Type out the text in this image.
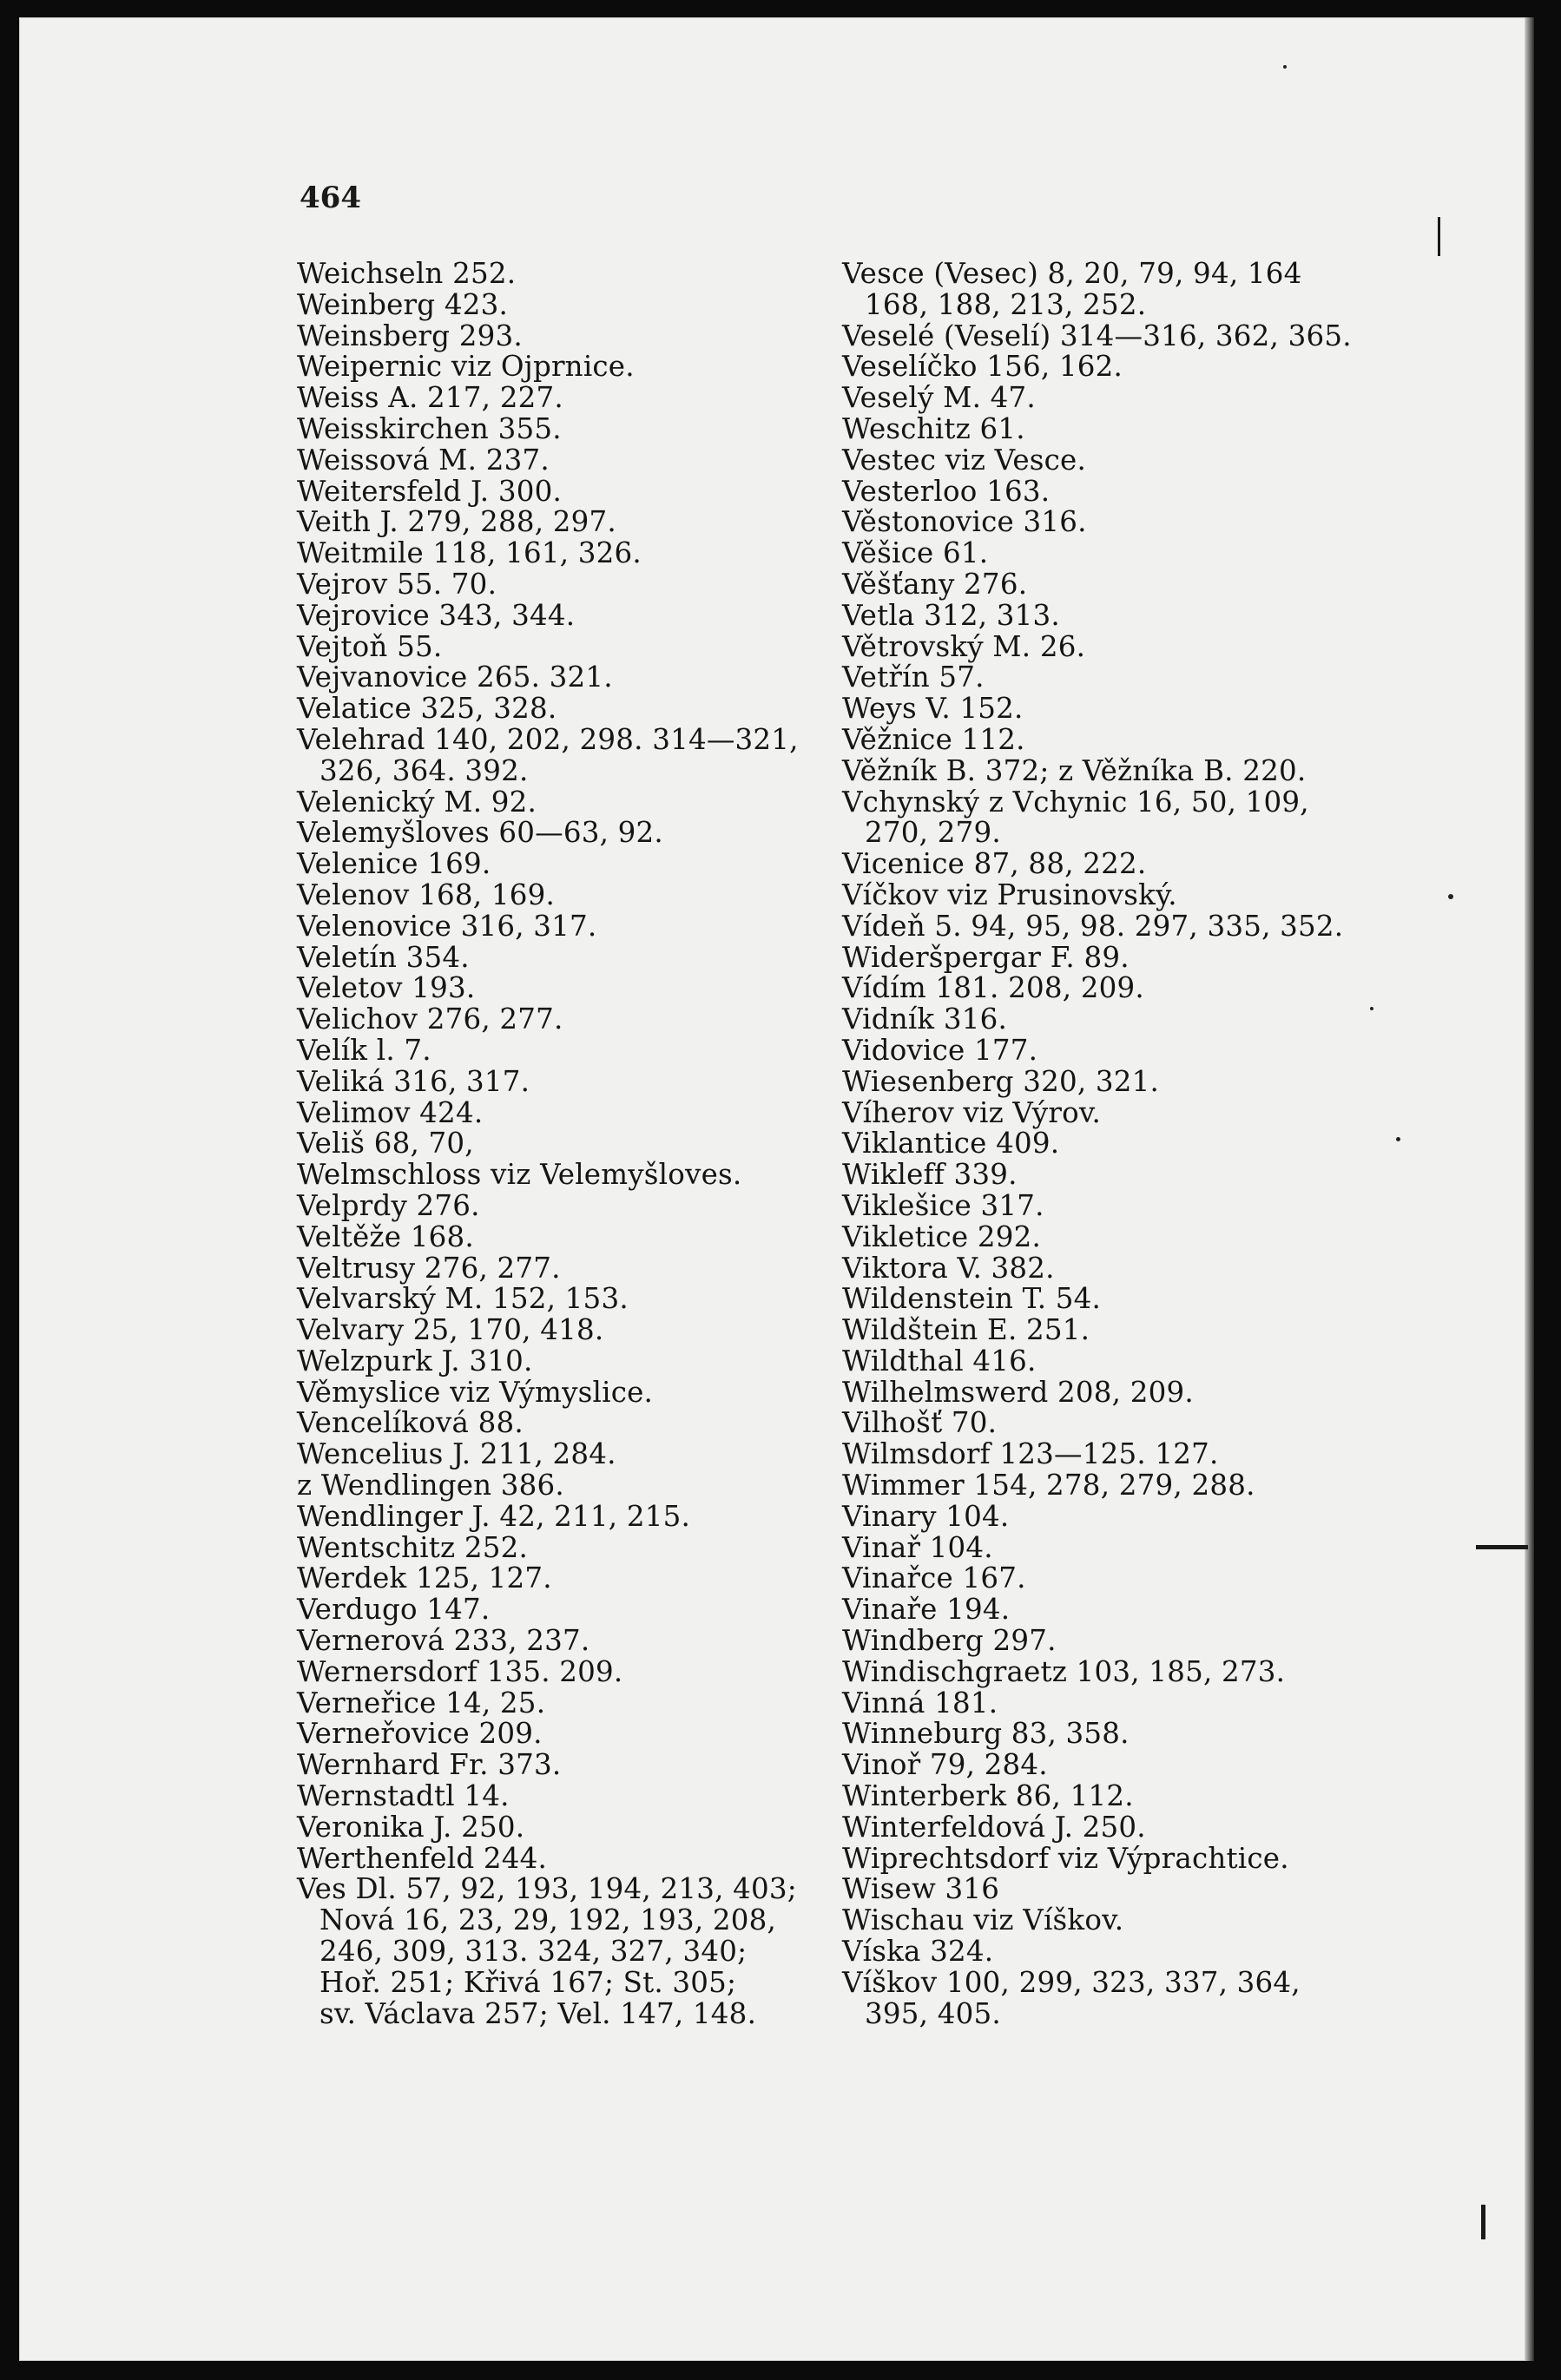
464

Weichseln 252.

Weinberg 423.

Weinsberg 293.

Weipernic viz Ojprnice.

Weiss A. 217, 227.

Weisskirchen 355.

Weissová M. 237.

Weitersfeld J. 300.

Veith J. 279, 288, 297.

Weitmile 118, 161, 326.

Vejrov 55. 70.

Vejrovice 343, 344.

Vejtoň 55.

Vejvanovice 265. 321.

Velatice 325, 328.

Velehrad 140, 202, 298. 314—321,
326, 364. 392.

Velenický M. 92.

Velemyšloves 60—63, 92.

Velenice 169.

Velenov 168, 169.

Velenovice 316, 317.

Veletín 354.

Veletov 193.

Velichov 276, 277.

Velík l. 7.

Veliká 316, 317.

Velimov 424.

Veliš 68, 70,

Welmschloss viz Velemyšloves.

Velprdy 276.

Veltěže 168.

Veltrusy 276, 277.

Velvarský M. 152, 153.

Velvary 25, 170, 418.

Welzpurk J. 310.

Věmyslice viz Výmyslice.

Vencelíková 88.

Wencelius J. 211, 284.

z Wendlingen 386.

Wendlinger J. 42, 211, 215.

Wentschitz 252.

Werdek 125, 127.

Verdugo 147.

Vernerová 233, 237.

Wernersdorf 135. 209.

Verneřice 14, 25.

Verneřovice 209.

Wernhard Fr. 373.

Wernstadtl 14.

Veronika J. 250.

Werthenfeld 244.

Ves Dl. 57, 92, 193, 194, 213, 403;
Nová 16, 23, 29, 192, 193, 208,
246, 309, 313. 324, 327, 340;
Hoř. 251; Křivá 167; St. 305;
sv. Václava 257; Vel. 147, 148.

Vesce (Vesec) 8, 20, 79, 94, 164
168, 188, 213, 252.

Veselé (Veselí) 314—316, 362, 365.

Veselíčko 156, 162.

Veselý M. 47.

Weschitz 61.

Vestec viz Vesce.

Vesterloo 163.

Věstonovice 316.

Věšice 61.

Věšťany 276.

Vetla 312, 313.

Větrovský M. 26.

Vetřín 57.

Weys V. 152.

Věžnice 112.

Věžník B. 372; z Věžníka B. 220.

Vchynský z Vchynic 16, 50, 109,
270, 279.

Vicenice 87, 88, 222.

Víčkov viz Prusinovský.

Vídeň 5. 94, 95, 98. 297, 335, 352.

Wideršpergar F. 89.

Vídím 181. 208, 209.

Vidník 316.

Vidovice 177.

Wiesenberg 320, 321.

Víherov viz Výrov.

Viklantice 409.

Wikleff 339.

Viklešice 317.

Vikletice 292.

Viktora V. 382.

Wildenstein T. 54.

Wildštein E. 251.

Wildthal 416.

Wilhelmswerd 208, 209.

Vilhošť 70.

Wilmsdorf 123—125. 127.

Wimmer 154, 278, 279, 288.

Vinary 104.

Vinař 104.

Vinařce 167.

Vinaře 194.

Windberg 297.

Windischgraetz 103, 185, 273.

Vinná 181.

Winneburg 83, 358.

Vinoř 79, 284.

Winterberk 86, 112.

Winterfeldová J. 250.

Wiprechtsdorf viz Výprachtice.

Wisew 316

Wischau viz Víškov.

Víska 324.

Víškov 100, 299, 323, 337, 364,
395, 405.
